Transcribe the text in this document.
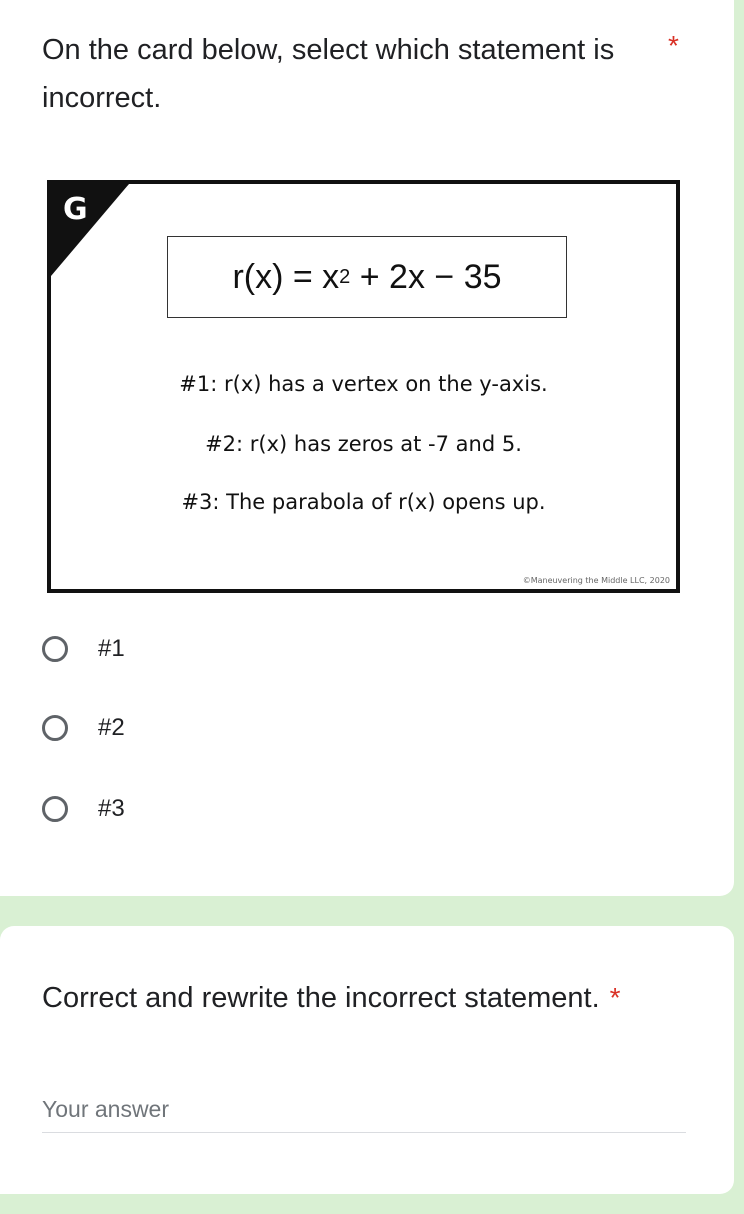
On the card below, select which statement is incorrect.
*
G
r(x) = x 2 + 2x − 35
#1: r(x) has a vertex on the y-axis.
#2: r(x) has zeros at -7 and 5.
#3: The parabola of r(x) opens up.
©Maneuvering the Middle LLC, 2020
#1
#2
#3
Correct and rewrite the incorrect statement. *
Your answer
